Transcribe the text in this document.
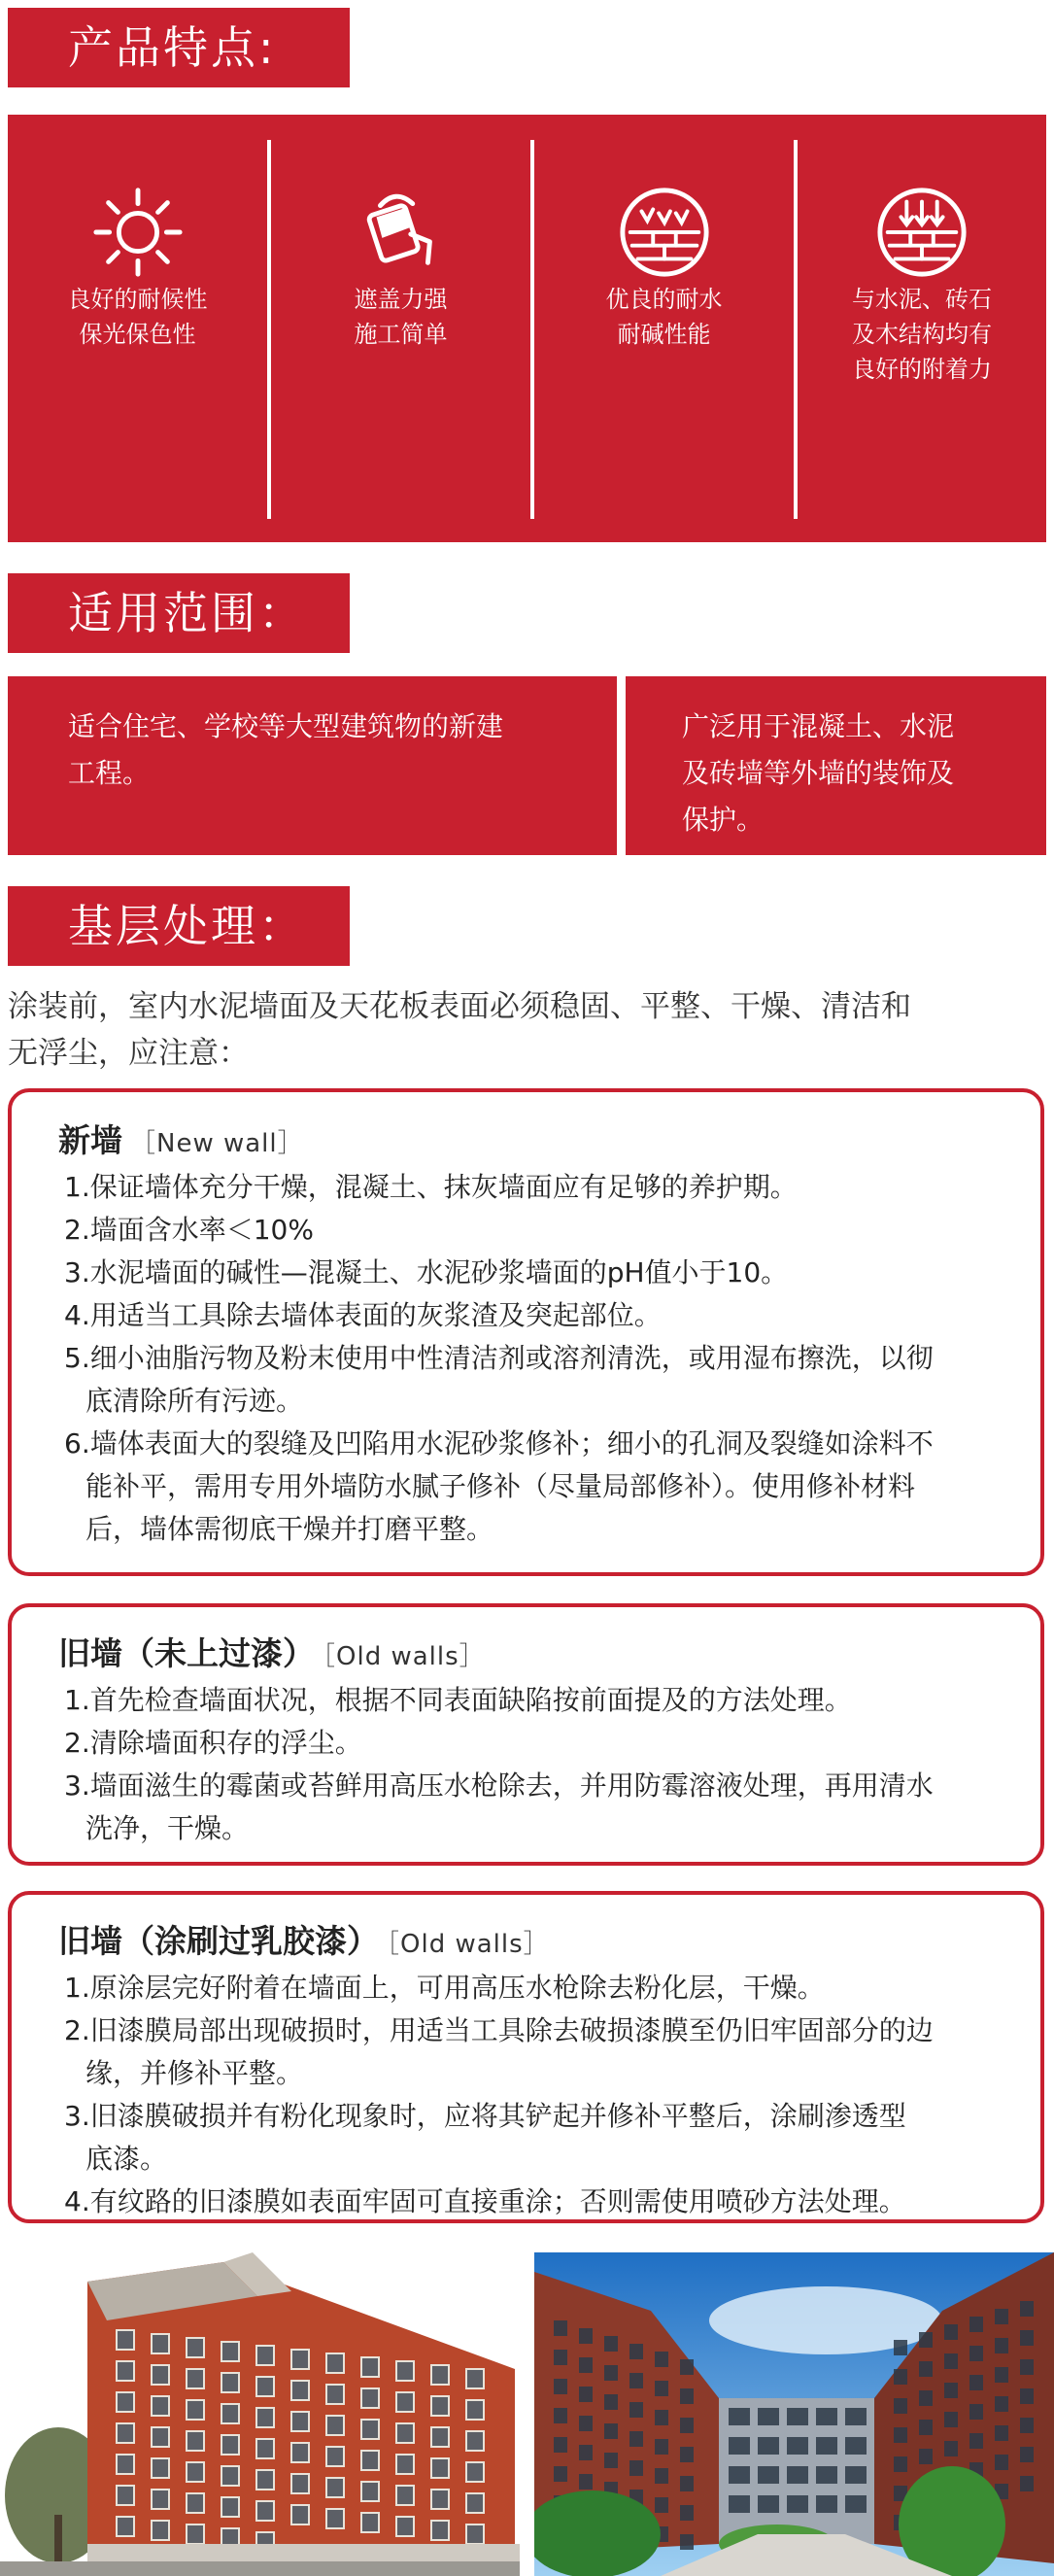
产品特点:
良好的耐候性
保光保色性
遮盖力强
施工简单
优良的耐水
耐碱性能
与水泥、砖石
及木结构均有
良好的附着力
适用范围：
适合住宅、学校等大型建筑物的新建
工程。
广泛用于混凝土、水泥
及砖墙等外墙的装饰及
保护。
基层处理：
涂装前，室内水泥墙面及天花板表面必须稳固、平整、干燥、清洁和
无浮尘，应注意：
新墙 ［New wall］
1.保证墙体充分干燥，混凝土、抹灰墙面应有足够的养护期。
2.墙面含水率＜10%
3.水泥墙面的碱性—混凝土、水泥砂浆墙面的pH值小于10。
4.用适当工具除去墙体表面的灰浆渣及突起部位。
5.细小油脂污物及粉末使用中性清洁剂或溶剂清洗，或用湿布擦洗，以彻
底清除所有污迹。
6.墙体表面大的裂缝及凹陷用水泥砂浆修补；细小的孔洞及裂缝如涂料不
能补平，需用专用外墙防水腻子修补（尽量局部修补）。使用修补材料
后，墙体需彻底干燥并打磨平整。
旧墙（未上过漆） ［Old walls］
1.首先检查墙面状况，根据不同表面缺陷按前面提及的方法处理。
2.清除墙面积存的浮尘。
3.墙面滋生的霉菌或苔鲜用高压水枪除去，并用防霉溶液处理，再用清水
洗净，干燥。
旧墙（涂刷过乳胶漆） ［Old walls］
1.原涂层完好附着在墙面上，可用高压水枪除去粉化层，干燥。
2.旧漆膜局部出现破损时，用适当工具除去破损漆膜至仍旧牢固部分的边
缘，并修补平整。
3.旧漆膜破损并有粉化现象时，应将其铲起并修补平整后，涂刷渗透型
底漆。
4.有纹路的旧漆膜如表面牢固可直接重涂；否则需使用喷砂方法处理。
